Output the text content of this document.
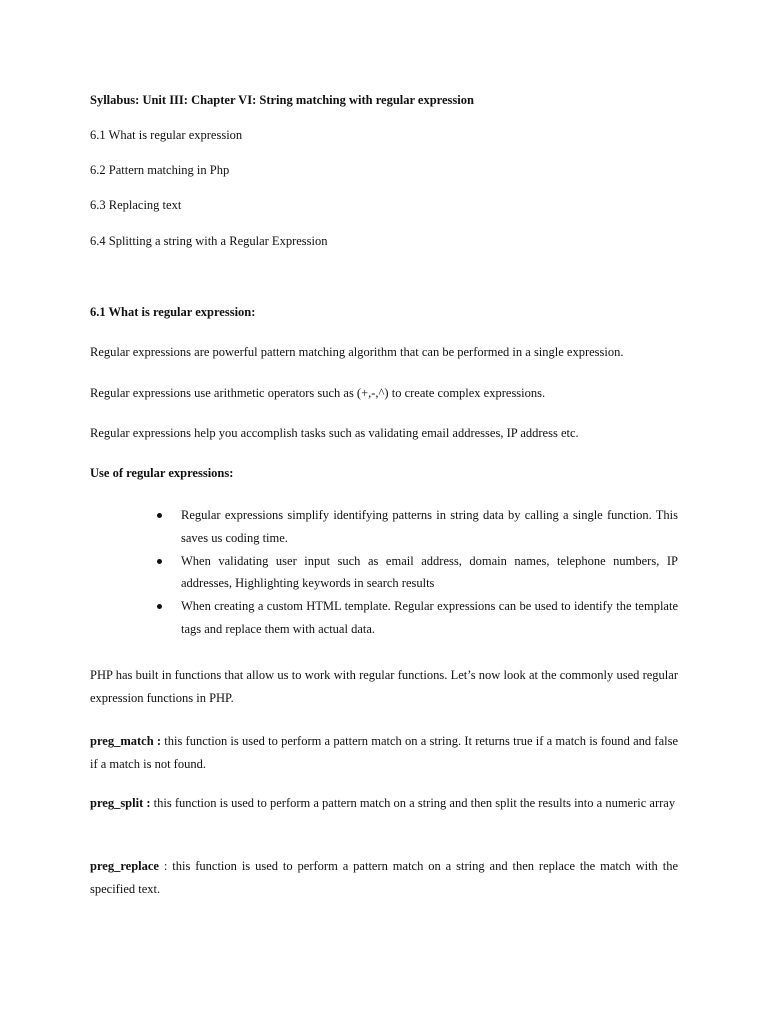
Syllabus: Unit III: Chapter VI: String matching with regular expression
6.1 What is regular expression
6.2 Pattern matching in Php
6.3 Replacing text
6.4 Splitting a string with a Regular Expression
6.1 What is regular expression:
Regular expressions are powerful pattern matching algorithm that can be performed in a single expression.
Regular expressions use arithmetic operators such as (+,-,^) to create complex expressions.
Regular expressions help you accomplish tasks such as validating email addresses, IP address etc.
Use of regular expressions:
Regular expressions simplify identifying patterns in string data by calling a single function. This saves us coding time.
When validating user input such as email address, domain names, telephone numbers, IP addresses, Highlighting keywords in search results
When creating a custom HTML template. Regular expressions can be used to identify the template tags and replace them with actual data.
PHP has built in functions that allow us to work with regular functions. Let’s now look at the commonly used regular expression functions in PHP.
preg_match : this function is used to perform a pattern match on a string. It returns true if a match is found and false if a match is not found.
preg_split : this function is used to perform a pattern match on a string and then split the results into a numeric array
preg_replace : this function is used to perform a pattern match on a string and then replace the match with the specified text.
